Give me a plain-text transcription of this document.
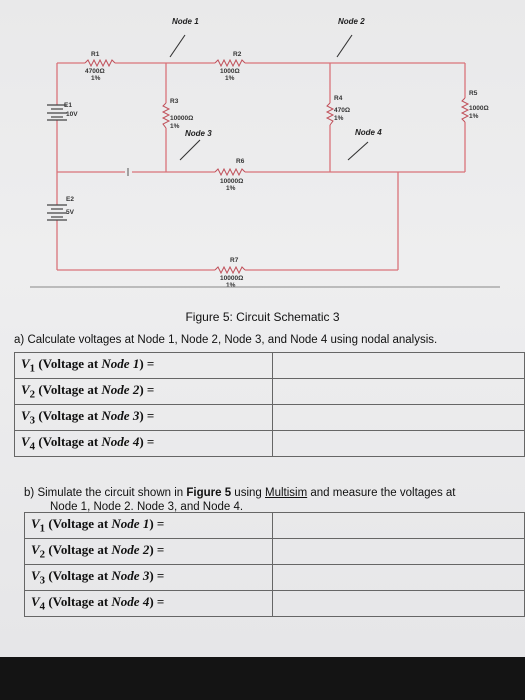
Node 1	Node 2
Node 3	Node 4
R1
4700Ω
1%
R2
1000Ω
1%
R3
10000Ω
1%
R4
470Ω
1%
R5
1000Ω
1%
R6
10000Ω
1%
R7
10000Ω
1%
E1
10V
E2
5V
Figure 5: Circuit Schematic 3
a) Calculate voltages at Node 1, Node 2, Node 3, and Node 4 using nodal analysis.
$V_1$ (Voltage at Node 1) =	
$V_2$ (Voltage at Node 2) =	
$V_3$ (Voltage at Node 3) =	
$V_4$ (Voltage at Node 4) =	
b) Simulate the circuit shown in Figure 5 using Multisim and measure the voltages at
Node 1, Node 2. Node 3, and Node 4.
$V_1$ (Voltage at Node 1) =	
$V_2$ (Voltage at Node 2) =	
$V_3$ (Voltage at Node 3) =	
$V_4$ (Voltage at Node 4) =	
